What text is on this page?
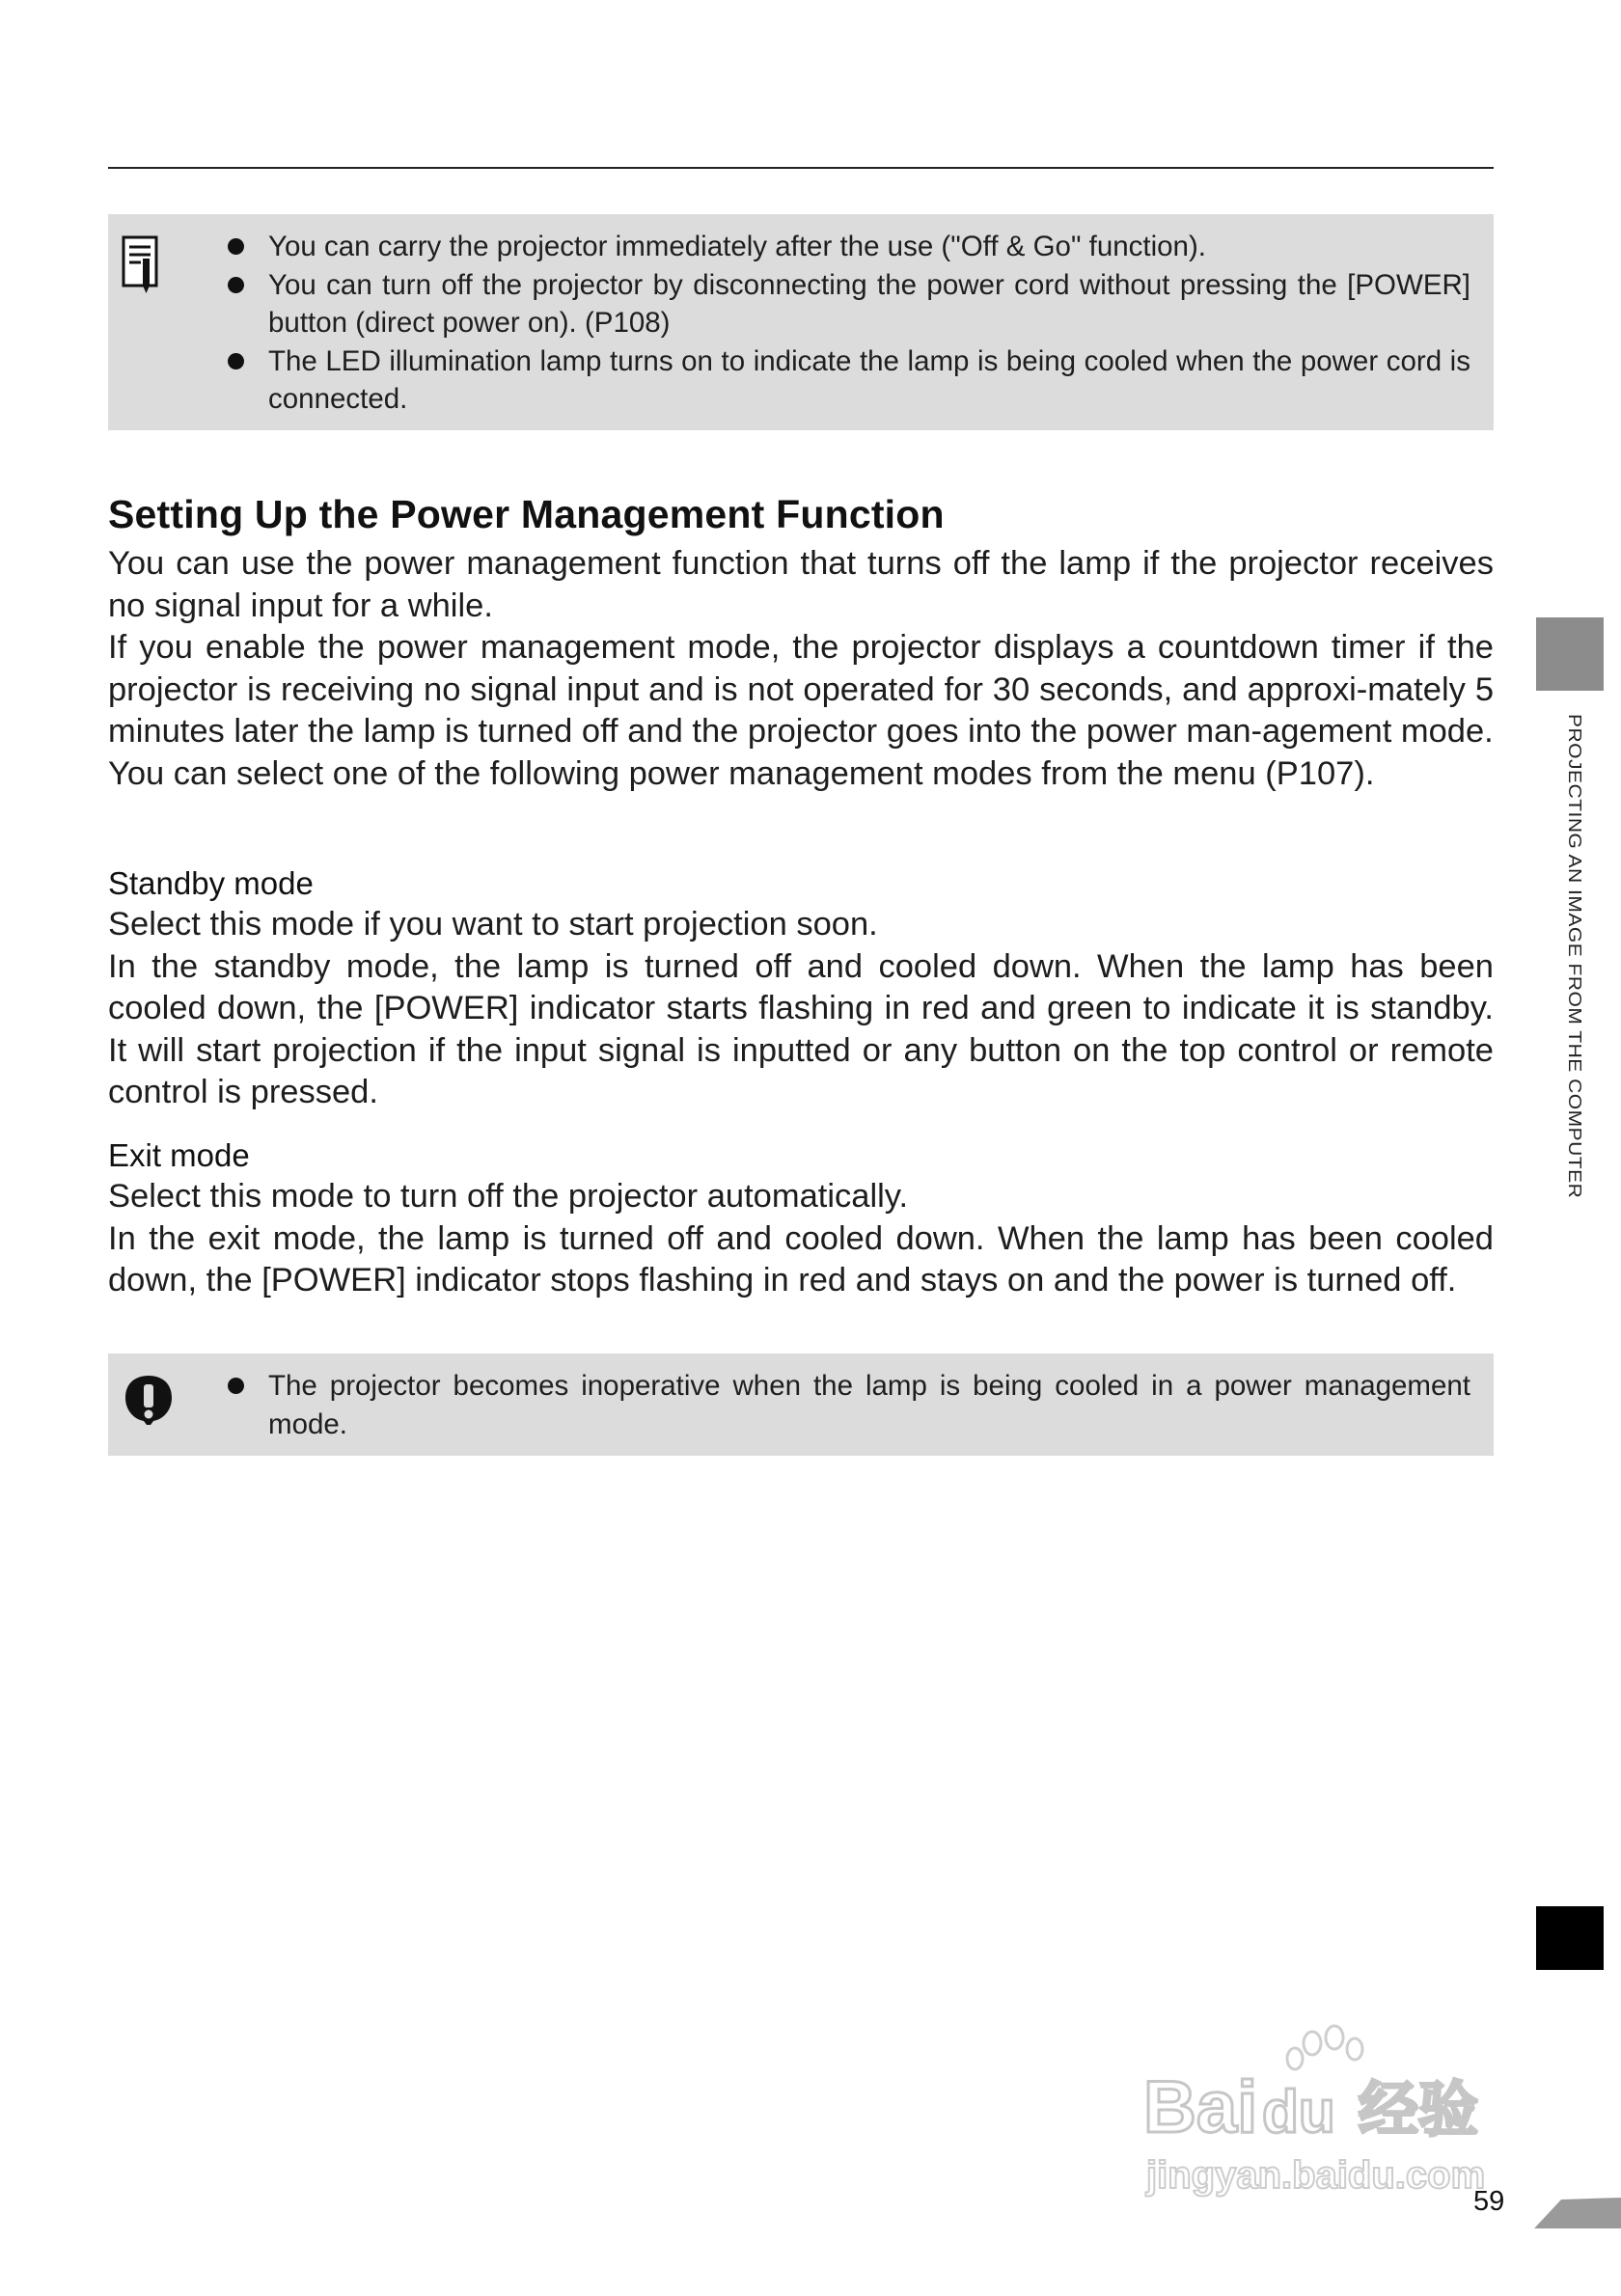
You can carry the projector immediately after the use ("Off & Go" function).
You can turn off the projector by disconnecting the power cord without pressing the [POWER] button (direct power on). (P108)
The LED illumination lamp turns on to indicate the lamp is being cooled when the power cord is connected.
Setting Up the Power Management Function

You can use the power management function that turns off the lamp if the projector receives no signal input for a while.

If you enable the power management mode, the projector displays a countdown timer if the projector is receiving no signal input and is not operated for 30 seconds, and approxi-mately 5 minutes later the lamp is turned off and the projector goes into the power man-agement mode.

You can select one of the following power management modes from the menu (P107).

Standby mode

Select this mode if you want to start projection soon.

In the standby mode, the lamp is turned off and cooled down. When the lamp has been cooled down, the [POWER] indicator starts flashing in red and green to indicate it is standby. It will start projection if the input signal is inputted or any button on the top control or remote control is pressed.

Exit mode

Select this mode to turn off the projector automatically.

In the exit mode, the lamp is turned off and cooled down. When the lamp has been cooled down, the [POWER] indicator stops flashing in red and stays on and the power is turned off.

The projector becomes inoperative when the lamp is being cooled in a power management mode.
PROJECTING AN IMAGE FROM THE COMPUTER
Bai du 经验
jingyan.baidu.com
59
